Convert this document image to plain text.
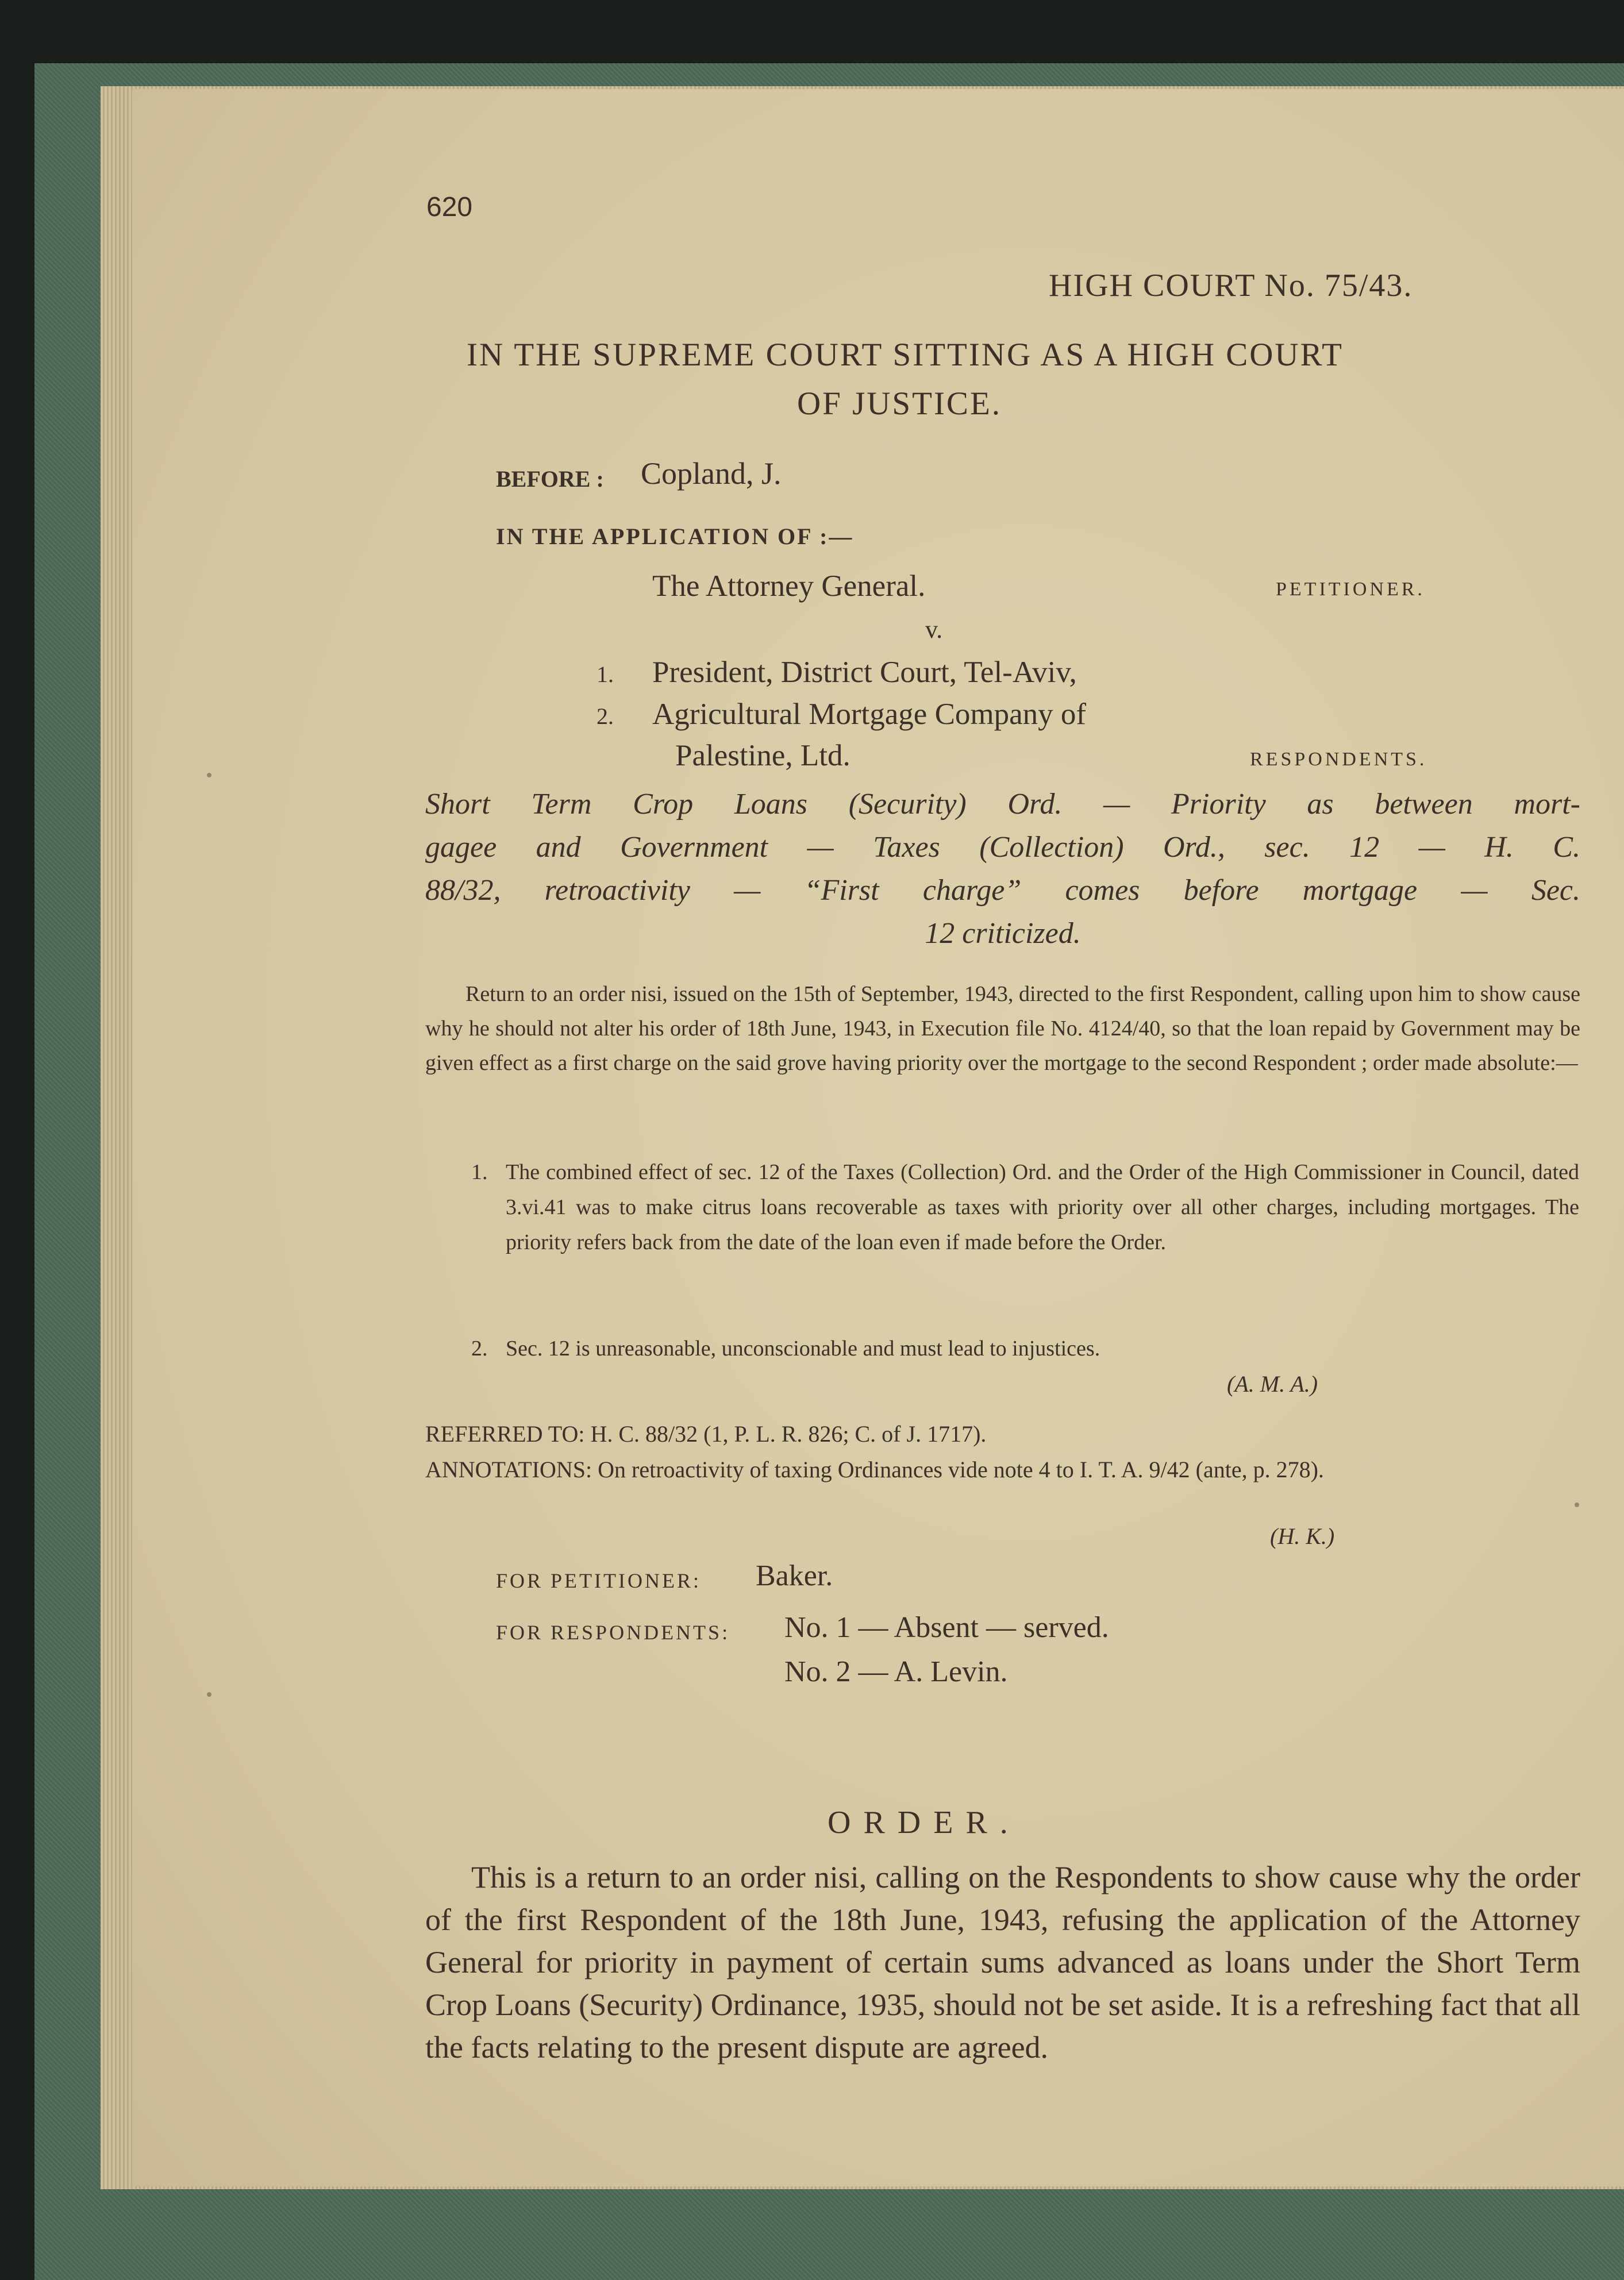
620
HIGH COURT No. 75/43.
IN THE SUPREME COURT SITTING AS A HIGH COURT
OF JUSTICE.
BEFORE : Copland, J.
IN THE APPLICATION OF :—
The Attorney General.	PETITIONER.
v.
1. President, District Court, Tel-Aviv,
2. Agricultural Mortgage Company of
Palestine, Ltd.	RESPONDENTS.
Short Term Crop Loans (Security) Ord. — Priority as between mort-
gagee and Government — Taxes (Collection) Ord., sec. 12 — H. C.
88/32, retroactivity — “First charge” comes before mortgage — Sec.
12 criticized.

Return to an order nisi, issued on the 15th of September, 1943, directed to the first Respondent, calling upon him to show cause why he should not alter his order of 18th June, 1943, in Execution file No. 4124/40, so that the loan repaid by Government may be given effect as a first charge on the said grove having priority over the mortgage to the second Respondent ; order made absolute:—

1. The combined effect of sec. 12 of the Taxes (Collection) Ord. and the Order of the High Commissioner in Council, dated 3.vi.41 was to make citrus loans recoverable as taxes with priority over all other charges, including mortgages. The priority refers back from the date of the loan even if made before the Order.
2. Sec. 12 is unreasonable, unconscionable and must lead to injustices.
(A. M. A.)
REFERRED TO: H. C. 88/32 (1, P. L. R. 826; C. of J. 1717).
ANNOTATIONS: On retroactivity of taxing Ordinances vide note 4 to I. T. A. 9/42 (ante, p. 278).
(H. K.)
FOR PETITIONER: Baker.
FOR RESPONDENTS: No. 1 — Absent — served.
No. 2 — A. Levin.
ORDER.

This is a return to an order nisi, calling on the Respondents to show cause why the order of the first Respondent of the 18th June, 1943, refusing the application of the Attorney General for priority in payment of certain sums advanced as loans under the Short Term Crop Loans (Security) Ordinance, 1935, should not be set aside. It is a refreshing fact that all the facts relating to the present dispute are agreed.
